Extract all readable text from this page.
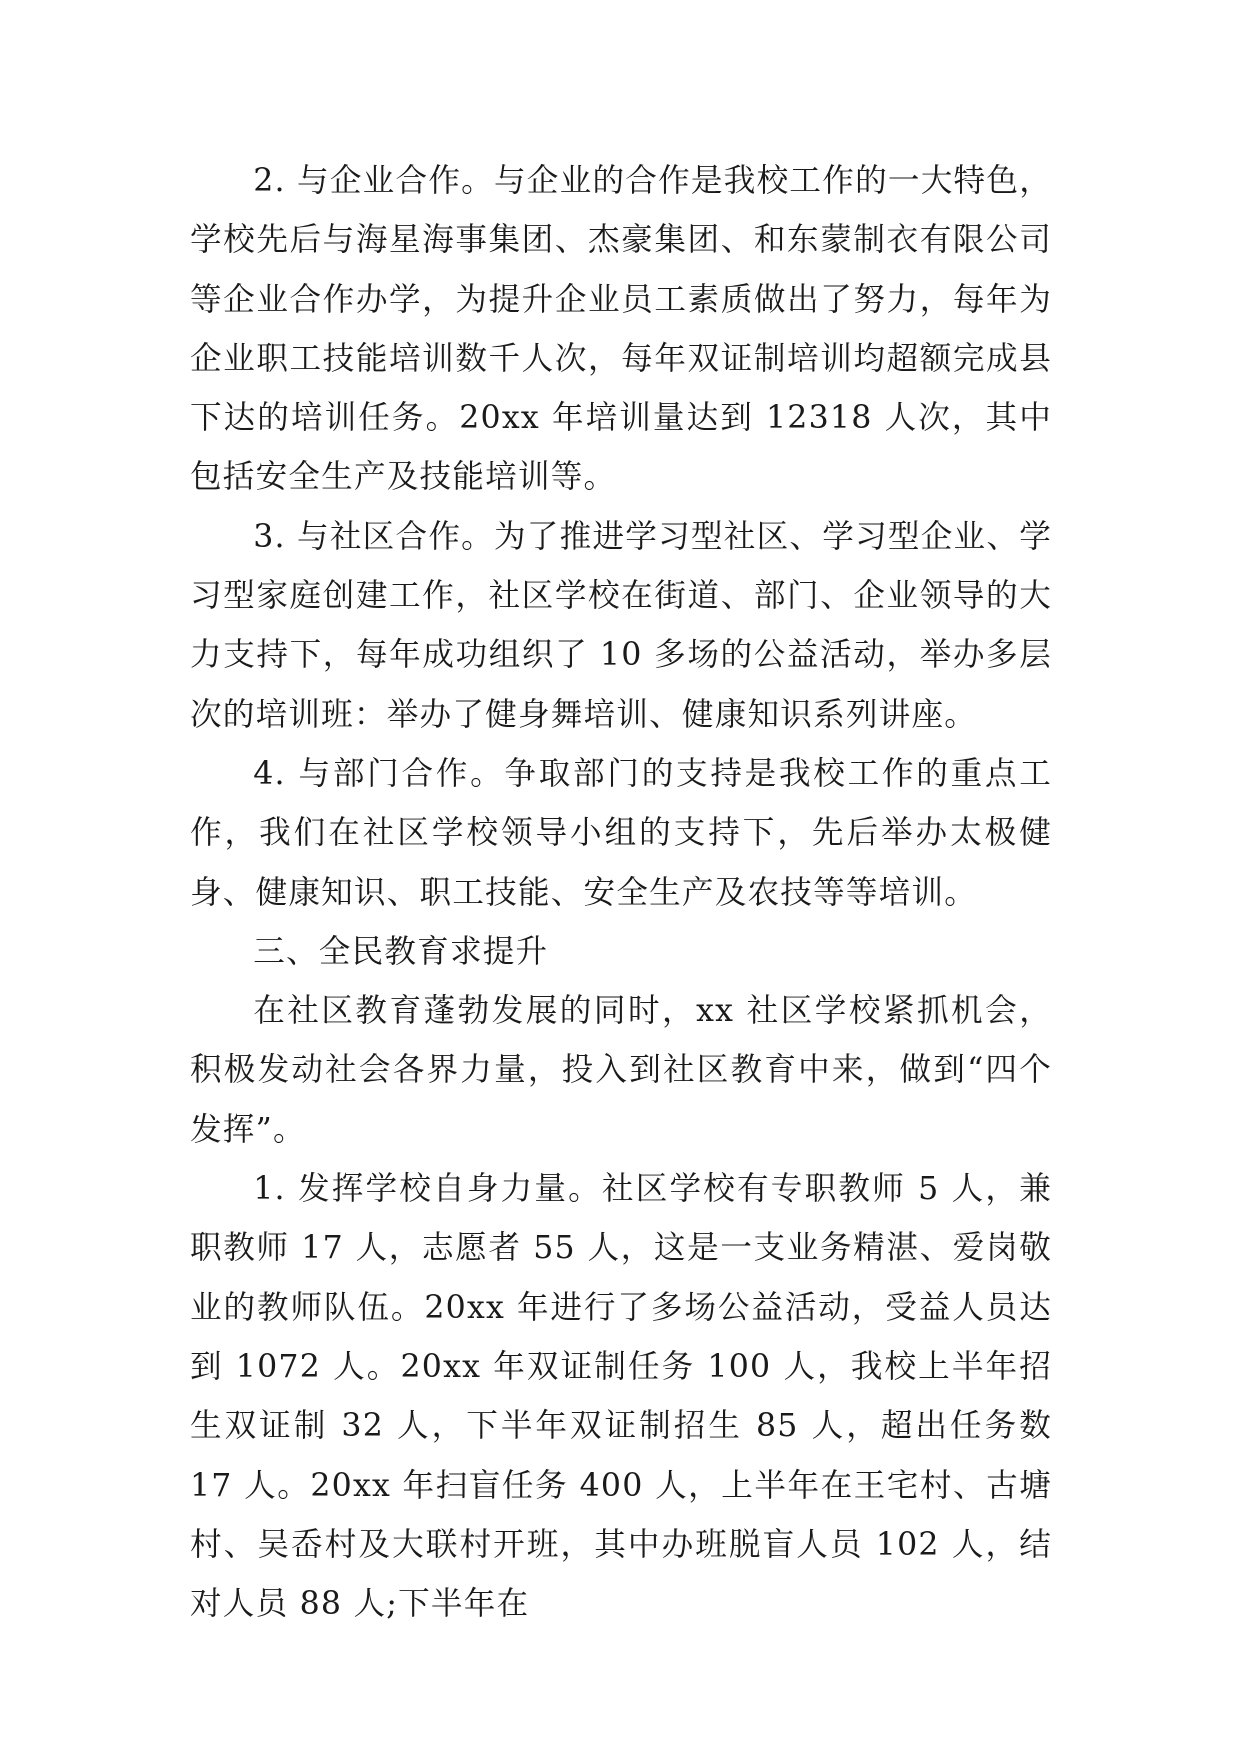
2. 与企业合作。与企业的合作是我校工作的一大特色，学校先后与海星海事集团、杰豪集团、和东蒙制衣有限公司等企业合作办学，为提升企业员工素质做出了努力，每年为企业职工技能培训数千人次，每年双证制培训均超额完成县下达的培训任务。20xx 年培训量达到 12318 人次，其中包括安全生产及技能培训等。

3. 与社区合作。为了推进学习型社区、学习型企业、学习型家庭创建工作，社区学校在街道、部门、企业领导的大力支持下，每年成功组织了 10 多场的公益活动，举办多层次的培训班：举办了健身舞培训、健康知识系列讲座。

4. 与部门合作。争取部门的支持是我校工作的重点工作，我们在社区学校领导小组的支持下，先后举办太极健身、健康知识、职工技能、安全生产及农技等等培训。

三、全民教育求提升

在社区教育蓬勃发展的同时，xx 社区学校紧抓机会，积极发动社会各界力量，投入到社区教育中来，做到“四个发挥”。

1. 发挥学校自身力量。社区学校有专职教师 5 人，兼职教师 17 人，志愿者 55 人，这是一支业务精湛、爱岗敬业的教师队伍。20xx 年进行了多场公益活动，受益人员达到 1072 人。20xx 年双证制任务 100 人，我校上半年招生双证制 32 人，下半年双证制招生 85 人，超出任务数 17 人。20xx 年扫盲任务 400 人，上半年在王宅村、古塘村、吴岙村及大联村开班，其中办班脱盲人员 102 人，结对人员 88 人;下半年在
